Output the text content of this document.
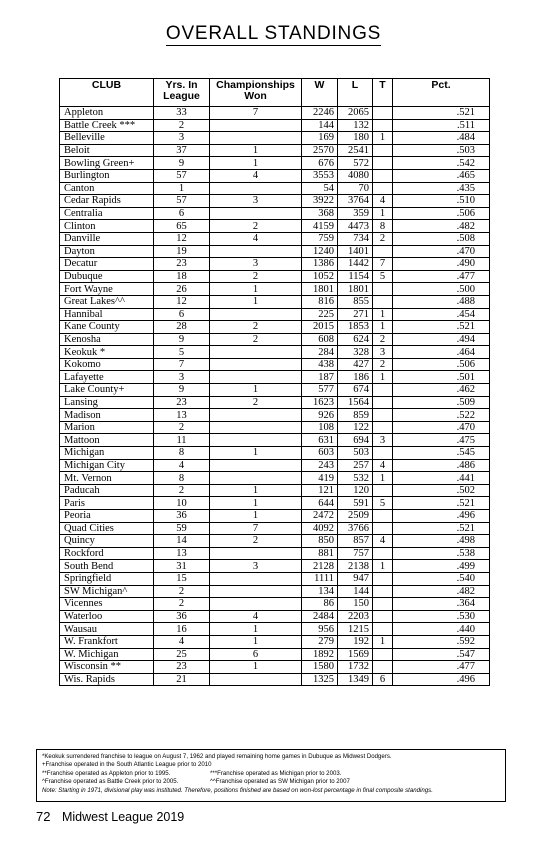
OVERALL STANDINGS
CLUB	Yrs. In League	Championships Won	W	L	T	Pct.
Appleton	33	7	2246	2065		.521
Battle Creek ***	2		144	132		.511
Belleville	3		169	180	1	.484
Beloit	37	1	2570	2541		.503
Bowling Green+	9	1	676	572		.542
Burlington	57	4	3553	4080		.465
Canton	1		54	70		.435
Cedar Rapids	57	3	3922	3764	4	.510
Centralia	6		368	359	1	.506
Clinton	65	2	4159	4473	8	.482
Danville	12	4	759	734	2	.508
Dayton	19		1240	1401		.470
Decatur	23	3	1386	1442	7	.490
Dubuque	18	2	1052	1154	5	.477
Fort Wayne	26	1	1801	1801		.500
Great Lakes^^	12	1	816	855		.488
Hannibal	6		225	271	1	.454
Kane County	28	2	2015	1853	1	.521
Kenosha	9	2	608	624	2	.494
Keokuk *	5		284	328	3	.464
Kokomo	7		438	427	2	.506
Lafayette	3		187	186	1	.501
Lake County+	9	1	577	674		.462
Lansing	23	2	1623	1564		.509
Madison	13		926	859		.522
Marion	2		108	122		.470
Mattoon	11		631	694	3	.475
Michigan	8	1	603	503		.545
Michigan City	4		243	257	4	.486
Mt. Vernon	8		419	532	1	.441
Paducah	2	1	121	120		.502
Paris	10	1	644	591	5	.521
Peoria	36	1	2472	2509		.496
Quad Cities	59	7	4092	3766		.521
Quincy	14	2	850	857	4	.498
Rockford	13		881	757		.538
South Bend	31	3	2128	2138	1	.499
Springfield	15		1111	947		.540
SW Michigan^	2		134	144		.482
Vicennes	2		86	150		.364
Waterloo	36	4	2484	2203		.530
Wausau	16	1	956	1215		.440
W. Frankfort	4	1	279	192	1	.592
W. Michigan	25	6	1892	1569		.547
Wisconsin **	23	1	1580	1732		.477
Wis. Rapids	21		1325	1349	6	.496
*Keokuk surrendered franchise to league on August 7, 1962 and played remaining home games in Dubuque as Midwest Dodgers.
+Franchise operated in the South Atlantic League prior to 2010
**Franchise operated as Appleton prior to 1995.	***Franchise operated as Michigan prior to 2003.
^Franchise operated as Battle Creek prior to 2005.	^^Franchise operated as SW Michigan prior to 2007
Note: Starting in 1971, divisional play was instituted. Therefore, positions finished are based on won-lost percentage in final composite standings.
72 Midwest League 2019
